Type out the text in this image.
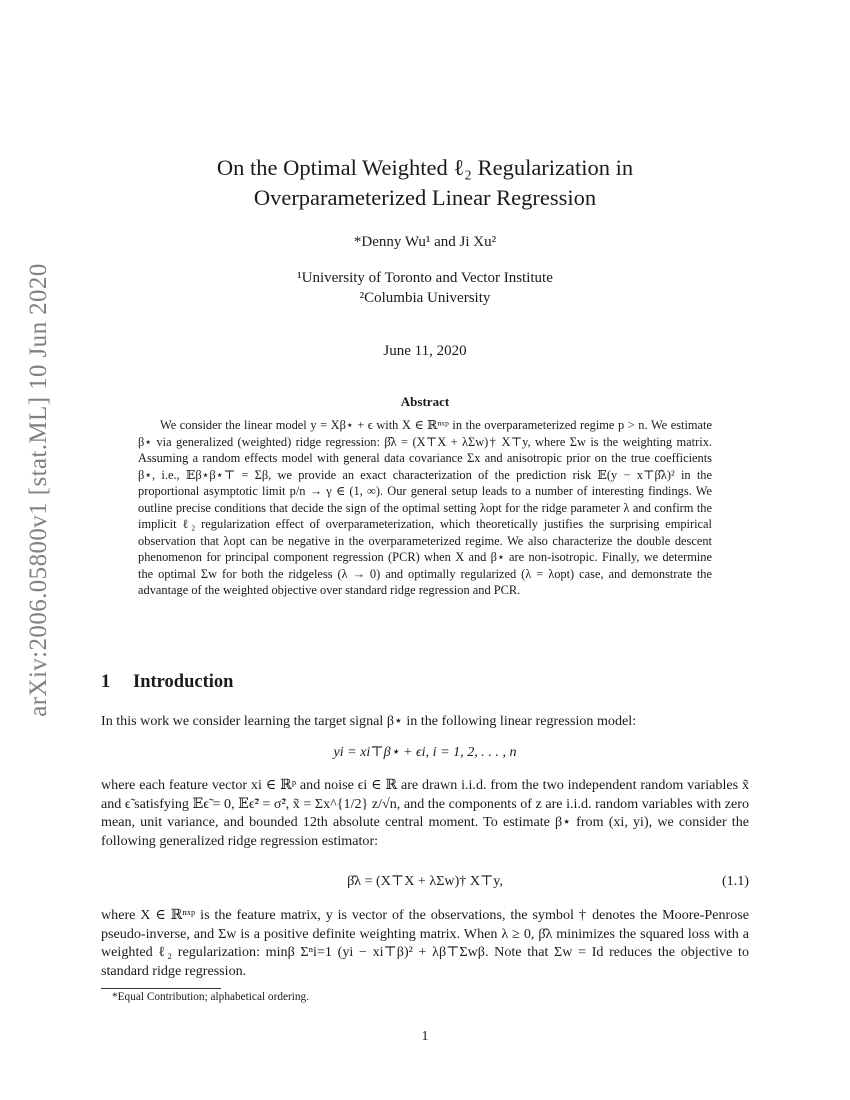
arXiv:2006.05800v1 [stat.ML] 10 Jun 2020
On the Optimal Weighted ℓ₂ Regularization in
Overparameterized Linear Regression
*Denny Wu¹ and Ji Xu²
¹University of Toronto and Vector Institute
²Columbia University
June 11, 2020
Abstract
We consider the linear model y = Xβ⋆ + ϵ with X ∈ ℝⁿˣᵖ in the overparameterized regime p > n. We estimate β⋆ via generalized (weighted) ridge regression: β̂λ = (X⊤X + λΣw)† X⊤y, where Σw is the weighting matrix. Assuming a random effects model with general data covariance Σx and anisotropic prior on the true coefficients β⋆, i.e., 𝔼β⋆β⋆⊤ = Σβ, we provide an exact characterization of the prediction risk 𝔼(y − x⊤β̂λ)² in the proportional asymptotic limit p/n → γ ∈ (1, ∞). Our general setup leads to a number of interesting findings. We outline precise conditions that decide the sign of the optimal setting λopt for the ridge parameter λ and confirm the implicit ℓ₂ regularization effect of overparameterization, which theoretically justifies the surprising empirical observation that λopt can be negative in the overparameterized regime. We also characterize the double descent phenomenon for principal component regression (PCR) when X and β⋆ are non-isotropic. Finally, we determine the optimal Σw for both the ridgeless (λ → 0) and optimally regularized (λ = λopt) case, and demonstrate the advantage of the weighted objective over standard ridge regression and PCR.
1 Introduction
In this work we consider learning the target signal β⋆ in the following linear regression model:
yi = xi⊤β⋆ + ϵi, i = 1, 2, . . . , n
where each feature vector xi ∈ ℝᵖ and noise ϵi ∈ ℝ are drawn i.i.d. from the two independent random variables x̃ and ϵ̃ satisfying 𝔼ϵ̃ = 0, 𝔼ϵ̃² = σ̃², x̃ = Σx^{1/2} z/√n, and the components of z are i.i.d. random variables with zero mean, unit variance, and bounded 12th absolute central moment. To estimate β⋆ from (xi, yi), we consider the following generalized ridge regression estimator:
β̂λ = (X⊤X + λΣw)† X⊤y,	(1.1)
where X ∈ ℝⁿˣᵖ is the feature matrix, y is vector of the observations, the symbol † denotes the Moore-Penrose pseudo-inverse, and Σw is a positive definite weighting matrix. When λ ≥ 0, β̂λ minimizes the squared loss with a weighted ℓ₂ regularization: minβ Σⁿi=1 (yi − xi⊤β)² + λβ⊤Σwβ. Note that Σw = Id reduces the objective to standard ridge regression.
*Equal Contribution; alphabetical ordering.
1
